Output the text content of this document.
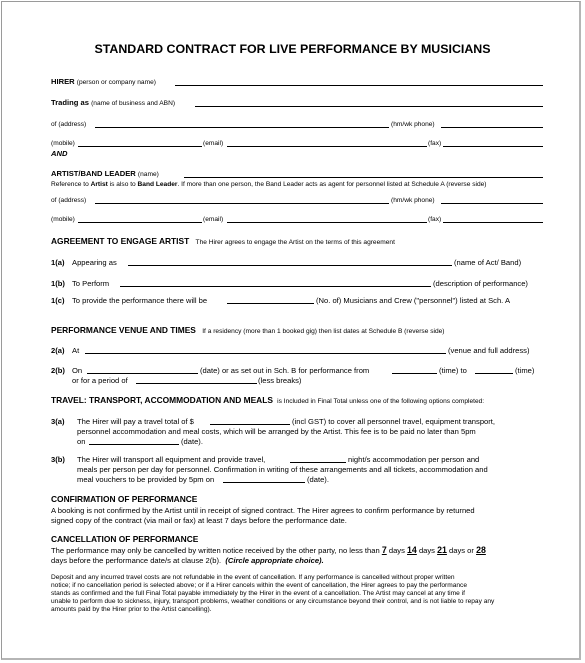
STANDARD CONTRACT FOR LIVE PERFORMANCE BY MUSICIANS
HIRER (person or company name)
Trading as (name of business and ABN)
of (address)	(hm/wk phone)
(mobile)	(email)	(fax)
AND
ARTIST/BAND LEADER (name)
Reference to Artist is also to Band Leader. If more than one person, the Band Leader acts as agent for personnel listed at Schedule A (reverse side)
of (address)	(hm/wk phone)
(mobile)	(email)	(fax)
AGREEMENT TO ENGAGE ARTIST The Hirer agrees to engage the Artist on the terms of this agreement
1(a) Appearing as	(name of Act/ Band)
1(b) To Perform	(description of performance)
1(c) To provide the performance there will be	(No. of) Musicians and Crew ("personnel") listed at Sch. A
PERFORMANCE VENUE AND TIMES If a residency (more than 1 booked gig) then list dates at Schedule B (reverse side)
2(a) At	(venue and full address)
2(b) On	(date) or as set out in Sch. B for performance from	(time) to	(time)
or for a period of	(less breaks)
TRAVEL: TRANSPORT, ACCOMMODATION AND MEALS is Included in Final Total unless one of the following options completed:
3(a) The Hirer will pay a travel total of $	(incl GST) to cover all personnel travel, equipment transport,
personnel accommodation and meal costs, which will be arranged by the Artist. This fee is to be paid no later than 5pm
on	(date).
3(b) The Hirer will transport all equipment and provide travel,	night/s accommodation per person and
meals per person per day for personnel. Confirmation in writing of these arrangements and all tickets, accommodation and
meal vouchers to be provided by 5pm on	(date).
CONFIRMATION OF PERFORMANCE
A booking is not confirmed by the Artist until in receipt of signed contract. The Hirer agrees to confirm performance by returned
signed copy of the contract (via mail or fax) at least 7 days before the performance date.
CANCELLATION OF PERFORMANCE
The performance may only be cancelled by written notice received by the other party, no less than 7 days 14 days 21 days or 28
days before the performance date/s at clause 2(b). (Circle appropriate choice).
Deposit and any incurred travel costs are not refundable in the event of cancellation. If any performance is cancelled without proper written
notice; if no cancellation period is selected above; or if a Hirer cancels within the event of cancellation, the Hirer agrees to pay the performance
stands as confirmed and the full Final Total payable immediately by the Hirer in the event of a cancellation. The Artist may cancel at any time if
unable to perform due to sickness, injury, transport problems, weather conditions or any circumstance beyond their control, and is not liable to repay any
amounts paid by the Hirer prior to the Artist cancelling).
